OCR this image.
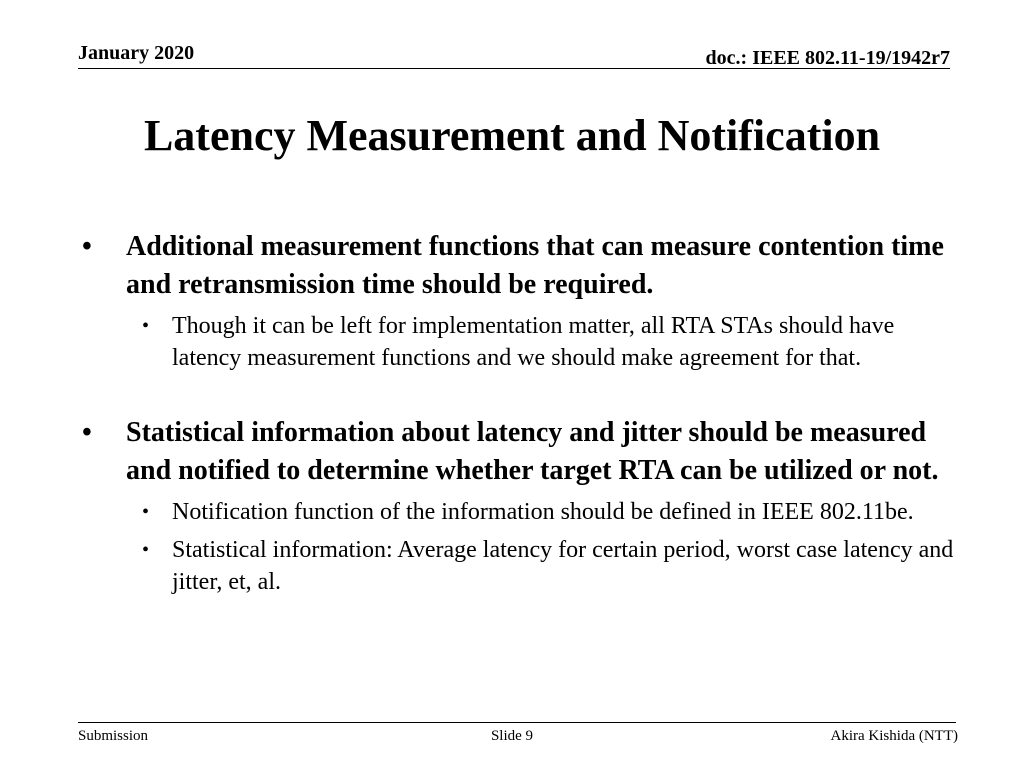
January 2020	doc.: IEEE 802.11-19/1942r7
Latency Measurement and Notification
• Additional measurement functions that can measure contention time and retransmission time should be required.
• Though it can be left for implementation matter, all RTA STAs should have latency measurement functions and we should make agreement for that.
• Statistical information about latency and jitter should be measured and notified to determine whether target RTA can be utilized or not.
• Notification function of the information should be defined in IEEE 802.11be.
• Statistical information: Average latency for certain period, worst case latency and jitter, et, al.
Submission	Slide 9	Akira Kishida (NTT)
